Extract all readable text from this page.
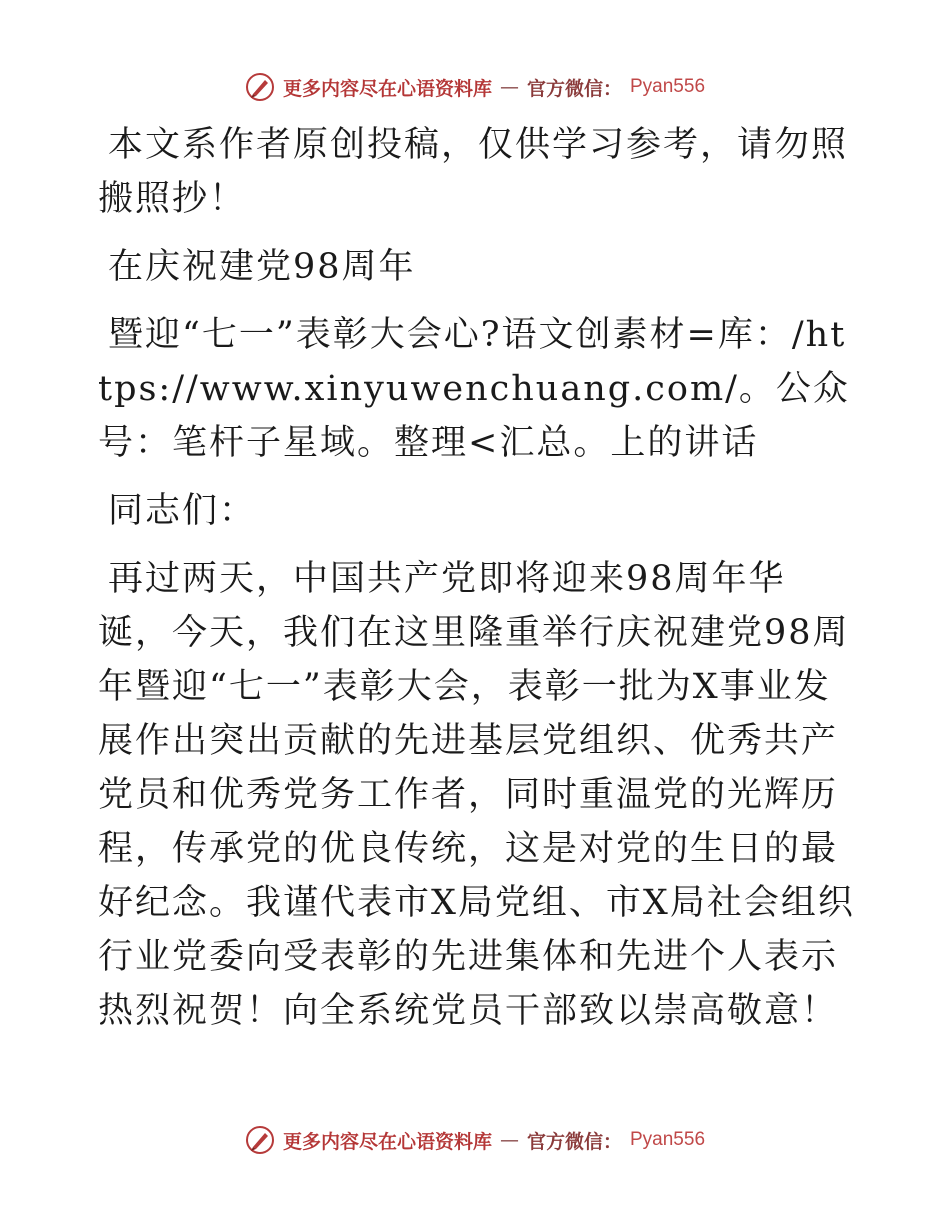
更多内容尽在心语资料库 — 官方微信： Pyan556

本文系作者原创投稿，仅供学习参考，请勿照搬照抄！

在庆祝建党98周年

暨迎“七一”表彰大会心?语文创素材=库：/https://www.xinyuwenchuang.com/。公众号：笔杆子星域。整理<汇总。上的讲话

同志们：

再过两天，中国共产党即将迎来98周年华诞，今天，我们在这里隆重举行庆祝建党98周年暨迎“七一”表彰大会，表彰一批为X事业发展作出突出贡献的先进基层党组织、优秀共产党员和优秀党务工作者，同时重温党的光辉历程，传承党的优良传统，这是对党的生日的最好纪念。我谨代表市X局党组、市X局社会组织行业党委向受表彰的先进集体和先进个人表示热烈祝贺！向全系统党员干部致以崇高敬意！

更多内容尽在心语资料库 — 官方微信： Pyan556
